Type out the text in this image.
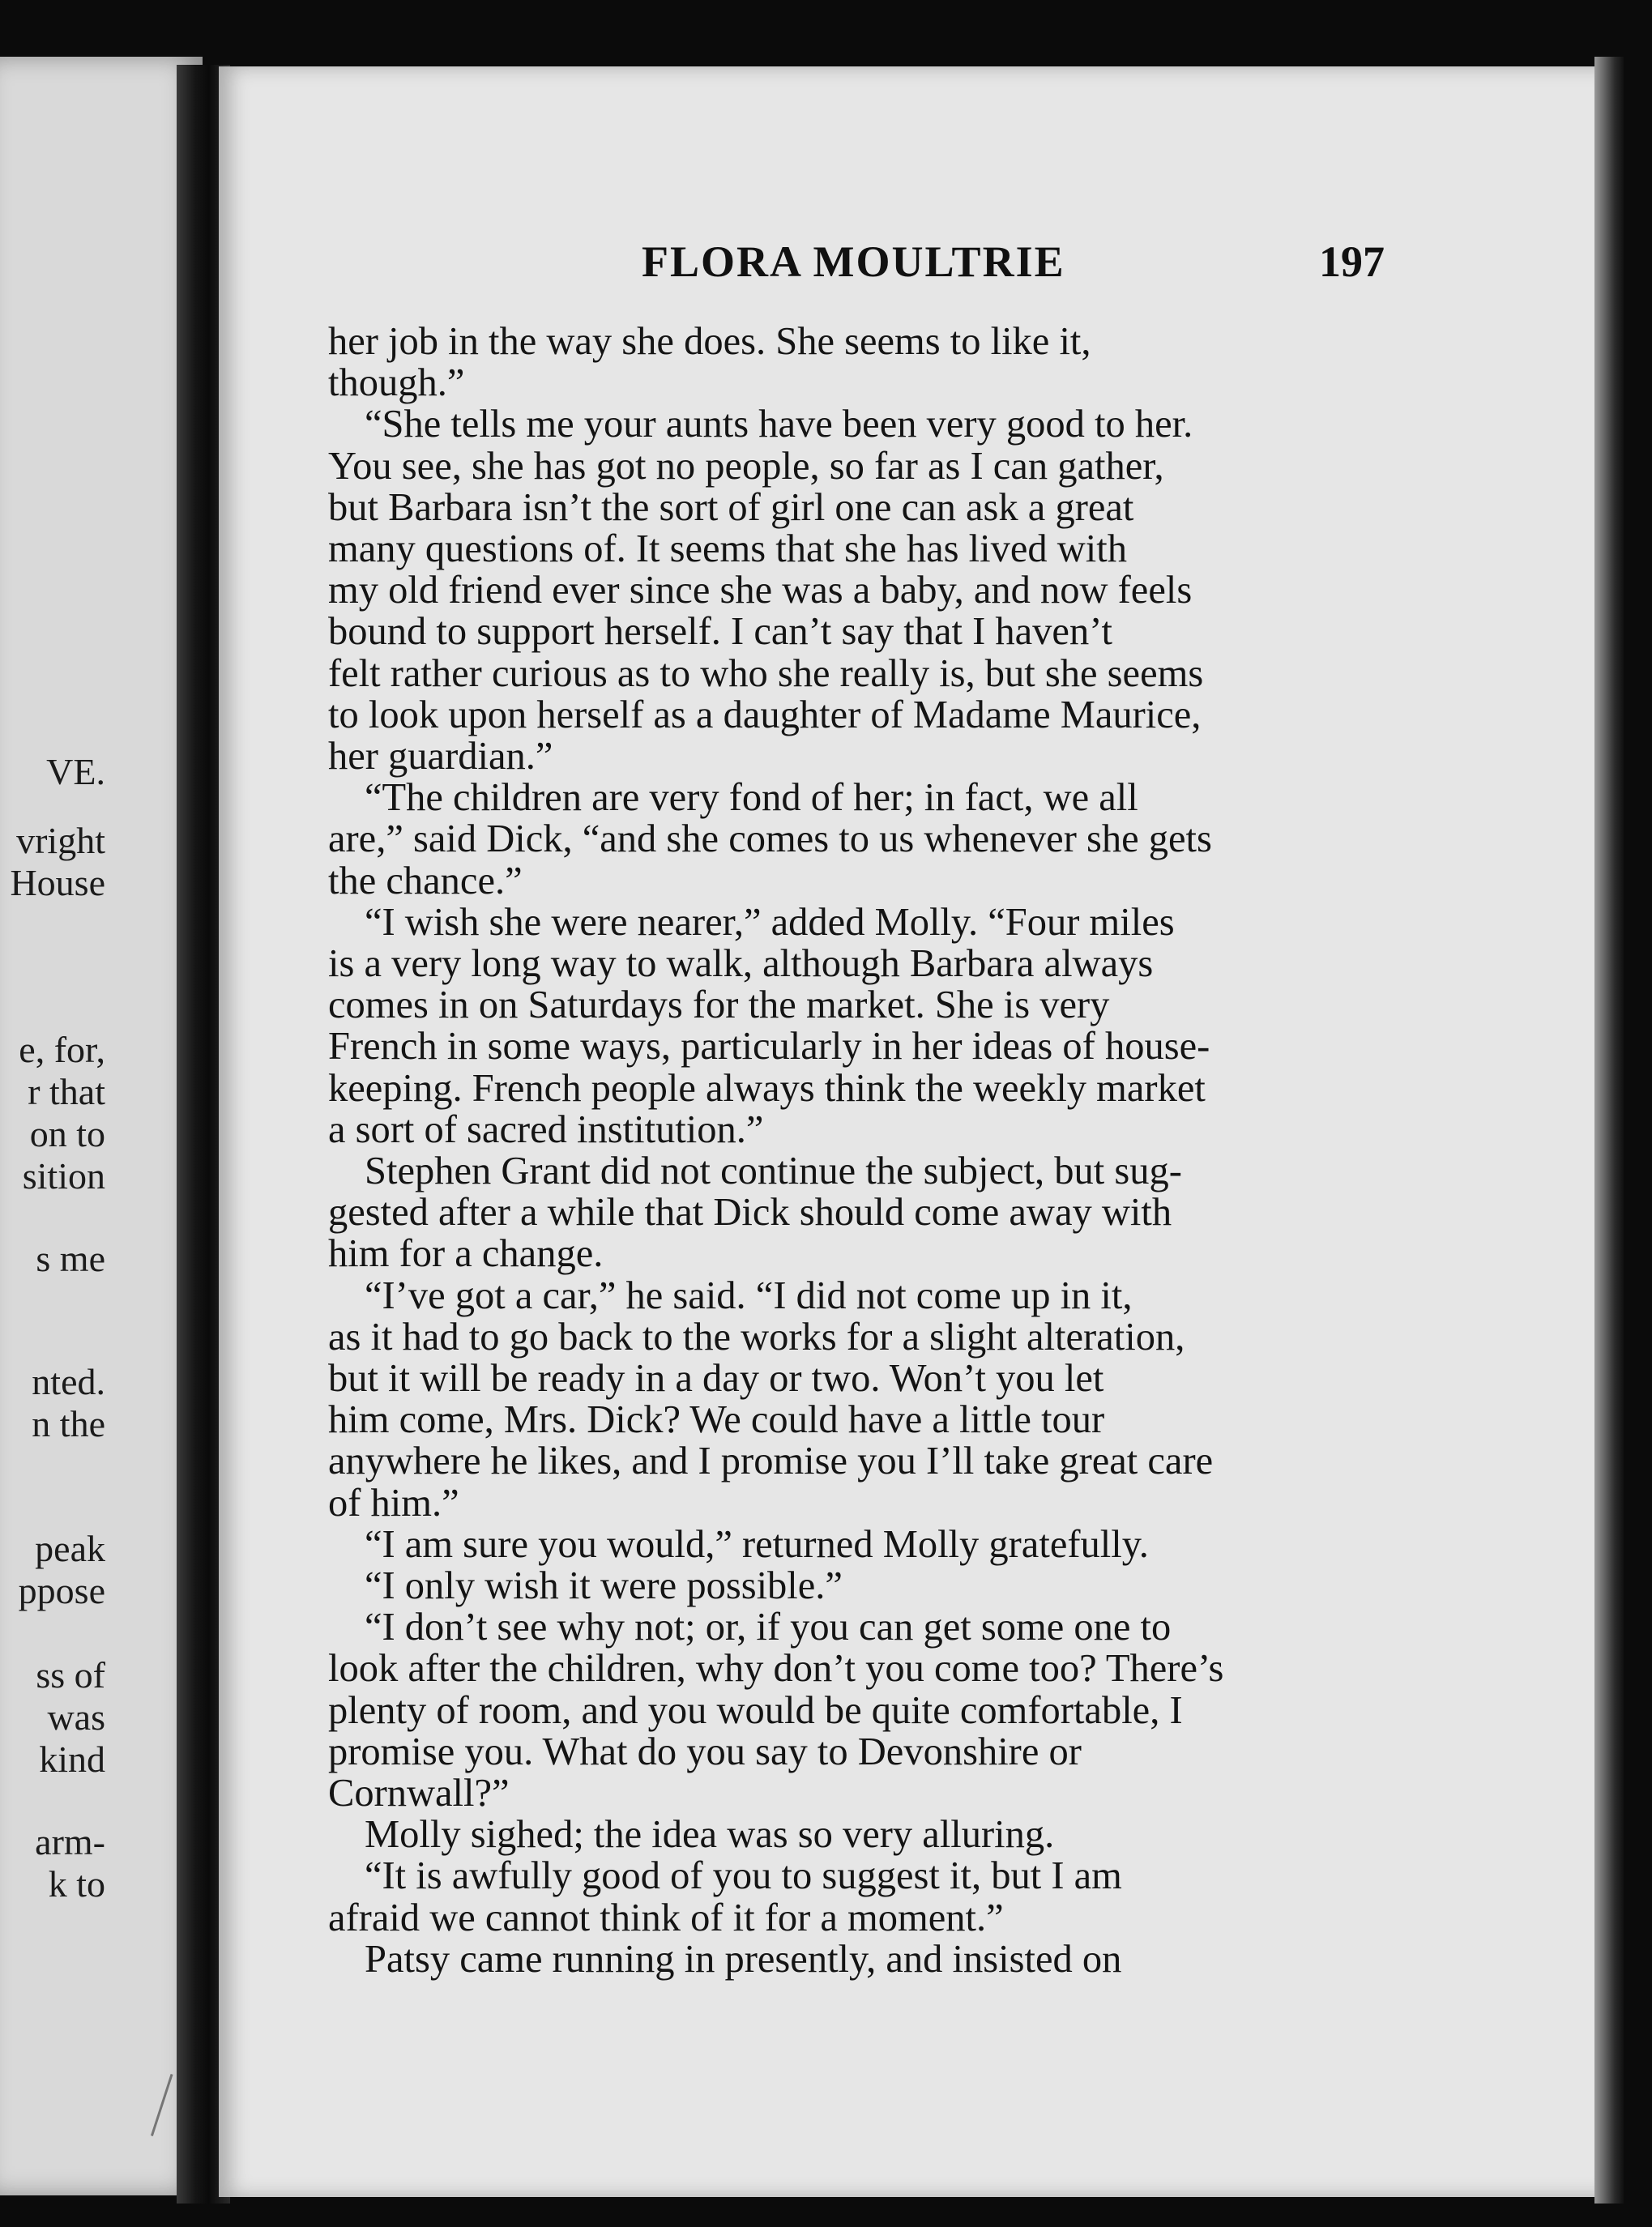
VE.
vright
House
e, for,
r that
on to
sition
s me
nted.
n the
peak
ppose
ss of
was
kind
arm-
k to
FLORA MOULTRIE	197
her job in the way she does. She seems to like it,
though.”
“She tells me your aunts have been very good to her.
You see, she has got no people, so far as I can gather,
but Barbara isn’t the sort of girl one can ask a great
many questions of. It seems that she has lived with
my old friend ever since she was a baby, and now feels
bound to support herself. I can’t say that I haven’t
felt rather curious as to who she really is, but she seems
to look upon herself as a daughter of Madame Maurice,
her guardian.”
“The children are very fond of her; in fact, we all
are,” said Dick, “and she comes to us whenever she gets
the chance.”
“I wish she were nearer,” added Molly. “Four miles
is a very long way to walk, although Barbara always
comes in on Saturdays for the market. She is very
French in some ways, particularly in her ideas of house-
keeping. French people always think the weekly market
a sort of sacred institution.”
Stephen Grant did not continue the subject, but sug-
gested after a while that Dick should come away with
him for a change.
“I’ve got a car,” he said. “I did not come up in it,
as it had to go back to the works for a slight alteration,
but it will be ready in a day or two. Won’t you let
him come, Mrs. Dick? We could have a little tour
anywhere he likes, and I promise you I’ll take great care
of him.”
“I am sure you would,” returned Molly gratefully.
“I only wish it were possible.”
“I don’t see why not; or, if you can get some one to
look after the children, why don’t you come too? There’s
plenty of room, and you would be quite comfortable, I
promise you. What do you say to Devonshire or
Cornwall?”
Molly sighed; the idea was so very alluring.
“It is awfully good of you to suggest it, but I am
afraid we cannot think of it for a moment.”
Patsy came running in presently, and insisted on
